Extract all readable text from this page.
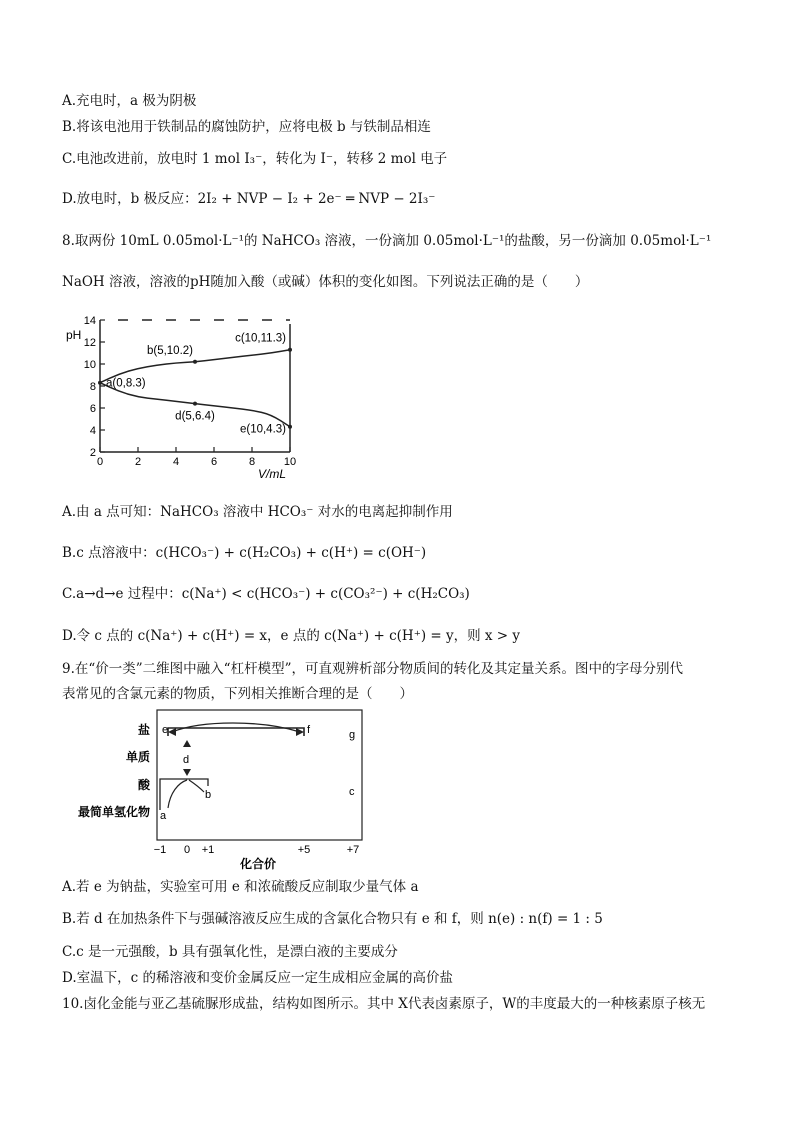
A.充电时，a 极为阴极
B.将该电池用于铁制品的腐蚀防护，应将电极 b 与铁制品相连
C.电池改进前，放电时 1 mol I₃⁻，转化为 I⁻，转移 2 mol 电子
D.放电时，b 极反应：2I₂ + NVP − I₂ + 2e⁻ ═ NVP − 2I₃⁻
8.取两份 10mL 0.05mol·L⁻¹的 NaHCO₃ 溶液，一份滴加 0.05mol·L⁻¹的盐酸，另一份滴加 0.05mol·L⁻¹
NaOH 溶液，溶液的pH随加入酸（或碱）体积的变化如图。下列说法正确的是（　　）
2
4
6
8
10
12
14
0	2	4	6	8	10
a(0,8.3)
b(5,10.2)
c(10,11.3)
d(5,6.4)
e(10,4.3)
pH
V/mL
A.由 a 点可知：NaHCO₃ 溶液中 HCO₃⁻ 对水的电离起抑制作用
B.c 点溶液中：c(HCO₃⁻) + c(H₂CO₃) + c(H⁺) = c(OH⁻)
C.a→d→e 过程中：c(Na⁺) < c(HCO₃⁻) + c(CO₃²⁻) + c(H₂CO₃)
D.令 c 点的 c(Na⁺) + c(H⁺) = x，e 点的 c(Na⁺) + c(H⁺) = y，则 x > y
9.在“价一类”二维图中融入“杠杆模型”，可直观辨析部分物质间的转化及其定量关系。图中的字母分别代
表常见的含氯元素的物质，下列相关推断合理的是（　　）
盐
单质
酸
最简单氢化物
−1 0 +1	+5	+7
化合价
e	f	g
d
a
b	c
A.若 e 为钠盐，实验室可用 e 和浓硫酸反应制取少量气体 a
B.若 d 在加热条件下与强碱溶液反应生成的含氯化合物只有 e 和 f，则 n(e) : n(f) = 1 : 5
C.c 是一元强酸，b 具有强氧化性，是漂白液的主要成分
D.室温下，c 的稀溶液和变价金属反应一定生成相应金属的高价盐
10.卤化金能与亚乙基硫脲形成盐，结构如图所示。其中 X代表卤素原子，W的丰度最大的一种核素原子核无
